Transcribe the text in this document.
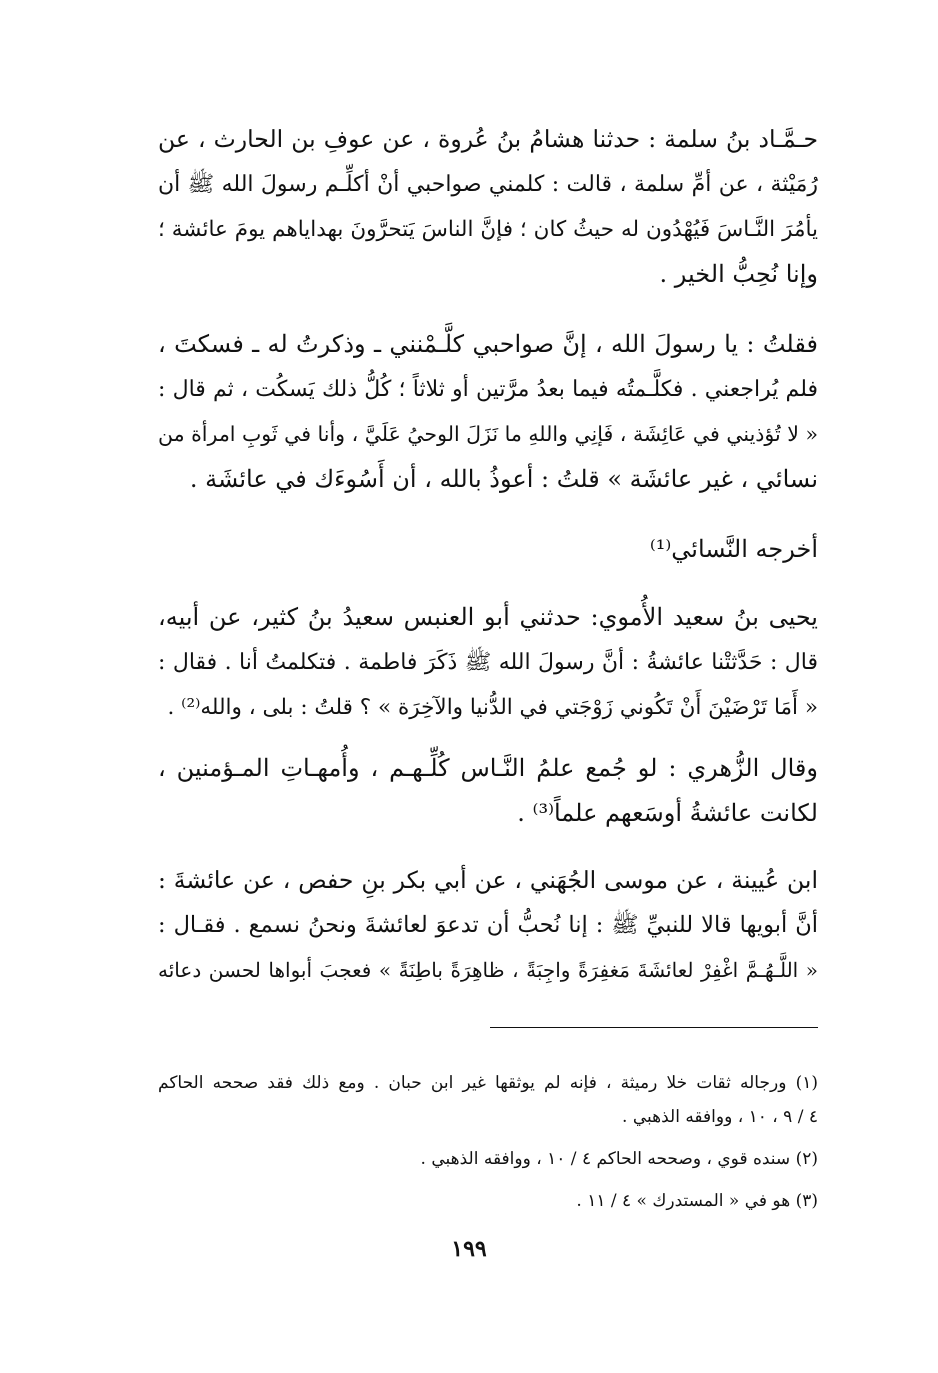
حـمَّـاد بنُ سلمة : حدثنا هشامُ بنُ عُروة ، عن عوفِ بن الحارث ، عن
رُمَيْثة ، عن أمِّ سلمة ، قالت : كلمني صواحبي أنْ أكلِّـم رسولَ الله ﷺ أن
يأمُرَ النَّـاسَ فَيُهْدُون له حيثُ كان ؛ فإنَّ الناسَ يَتحرَّونَ بهداياهم يومَ عائشة ؛
وإنا نُحِبُّ الخير .
فقلتُ : يا رسولَ الله ، إنَّ صواحبي كلَّـمْنني ـ وذكرتُ له ـ فسكتَ ،
فلم يُراجعني . فكلَّـمتُه فيما بعدُ مرَّتين أو ثلاثاً ؛ كُلُّ ذلك يَسكُت ، ثم قال :
« لا تُؤذيني في عَائِشَة ، فَإنِي واللهِ ما نَزَلَ الوحيُ عَلَيَّ ، وأنا في ثَوبِ امرأة من
نسائي ، غير عائشَة » قلتُ : أعوذُ بالله ، أن أَسُوءَك في عائشَة .
أخرجه النَّسائي⁽¹⁾
يحيى بنُ سعيد الأُموي: حدثني أبو العنبس سعيدُ بنُ كثير، عن أبيه،
قال : حَدَّثتْنا عائشةُ : أنَّ رسولَ الله ﷺ ذَكَرَ فاطمة . فتكلمتُ أنا . فقال :
« أَمَا تَرْضَيْنَ أَنْ تَكُوني زَوْجَتي في الدُّنيا والآخِرَة » ؟ قلتُ : بلى ، والله⁽²⁾ .
وقال الزُّهري : لو جُمع علمُ النَّـاس كُلِّـهـم ، وأُمهـاتِ المـؤمنين ،
لكانت عائشةُ أوسَعهم علماً⁽³⁾ .
ابن عُيينة ، عن موسى الجُهَني ، عن أبي بكر بنِ حفص ، عن عائشةَ :
أنَّ أبويها قالا للنبيِّ ﷺ : إنا نُحبُّ أن تدعوَ لعائشةَ ونحنُ نسمع . فقـال :
« اللَّـهُـمَّ اغْفِرْ لعائشَةَ مَغفِرَةً واجِبَةً ، ظاهِرَةً باطِنَةً » فعجبَ أبواها لحسن دعائه
(١) ورجاله ثقات خلا رميثة ، فإنه لم يوثقها غير ابن حبان . ومع ذلك فقد صححه الحاكم
٤ / ٩ ، ١٠ ، ووافقه الذهبي .
(٢) سنده قوي ، وصححه الحاكم ٤ / ١٠ ، ووافقه الذهبي .
(٣) هو في « المستدرك » ٤ / ١١ .
١٩٩
